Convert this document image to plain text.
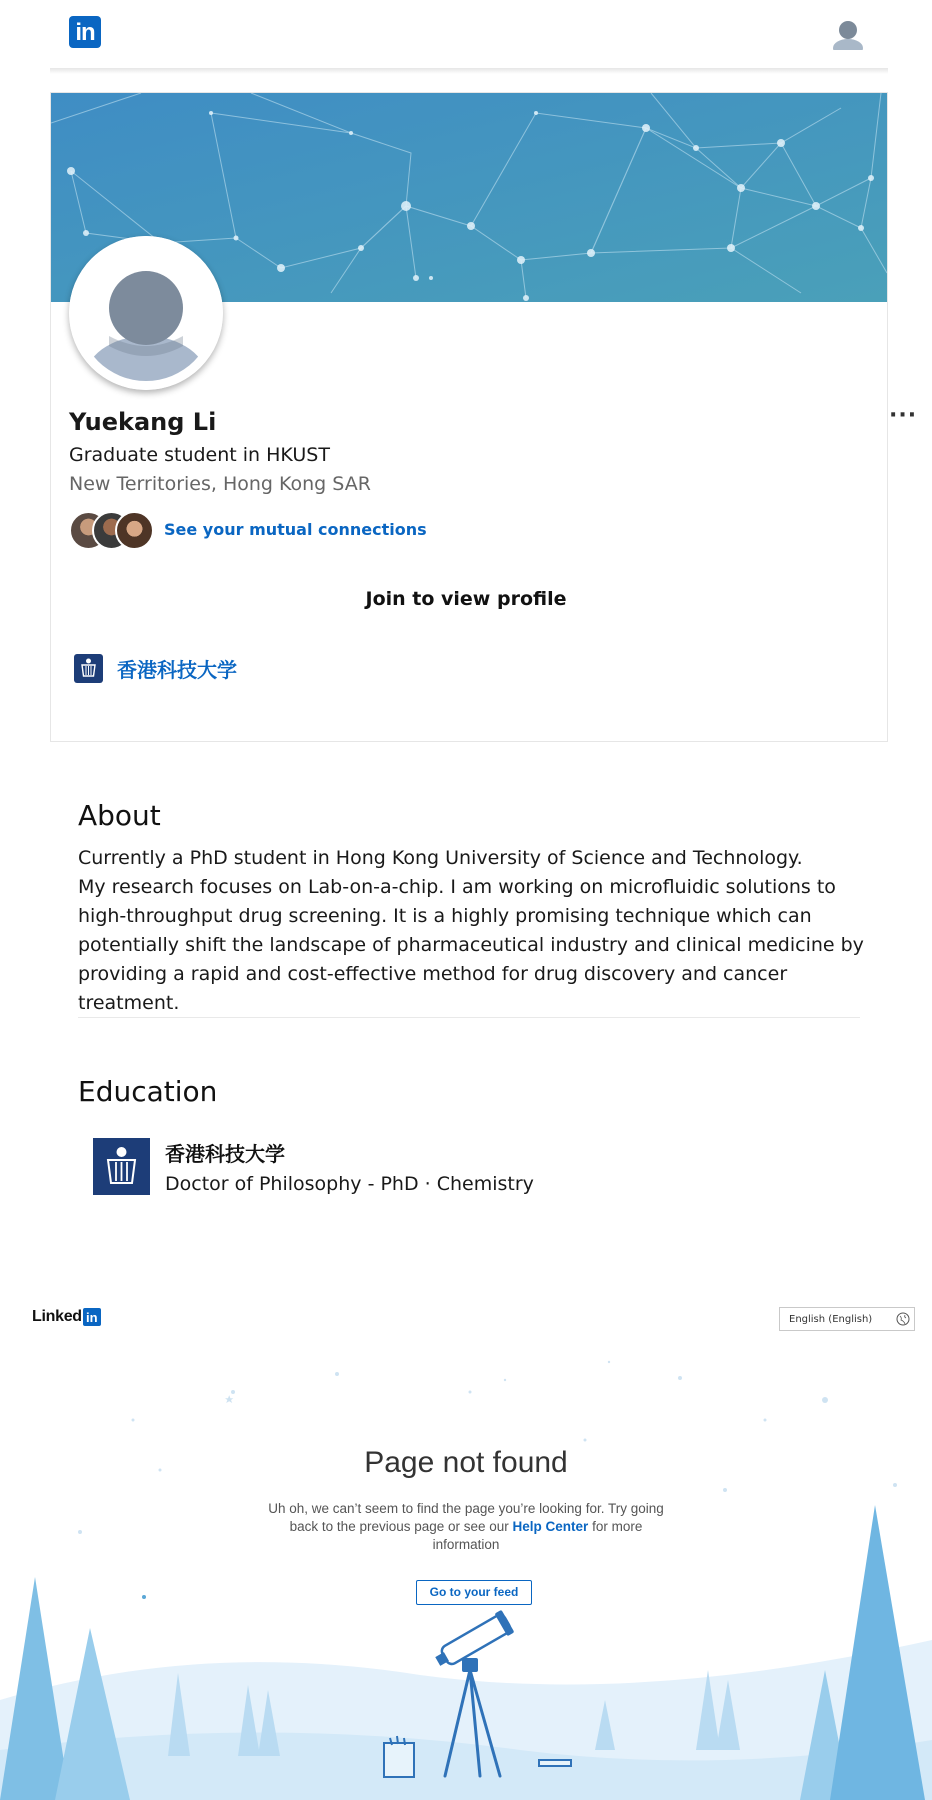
in
···
Yuekang Li
Graduate student in HKUST
New Territories, Hong Kong SAR
See your mutual connections
Join to view profile
香港科技大学
About

Currently a PhD student in Hong Kong University of Science and Technology.

My research focuses on Lab-on-a-chip. I am working on microfluidic solutions to high-throughput drug screening. It is a highly promising technique which can potentially shift the landscape of pharmaceutical industry and clinical medicine by providing a rapid and cost-effective method for drug discovery and cancer treatment.

Education
香港科技大学
Doctor of Philosophy - PhD · Chemistry
Linked in	English (English)
Page not found
Uh oh, we can’t seem to find the page you’re looking for. Try going back to the previous page or see our Help Center for more information
Go to your feed
